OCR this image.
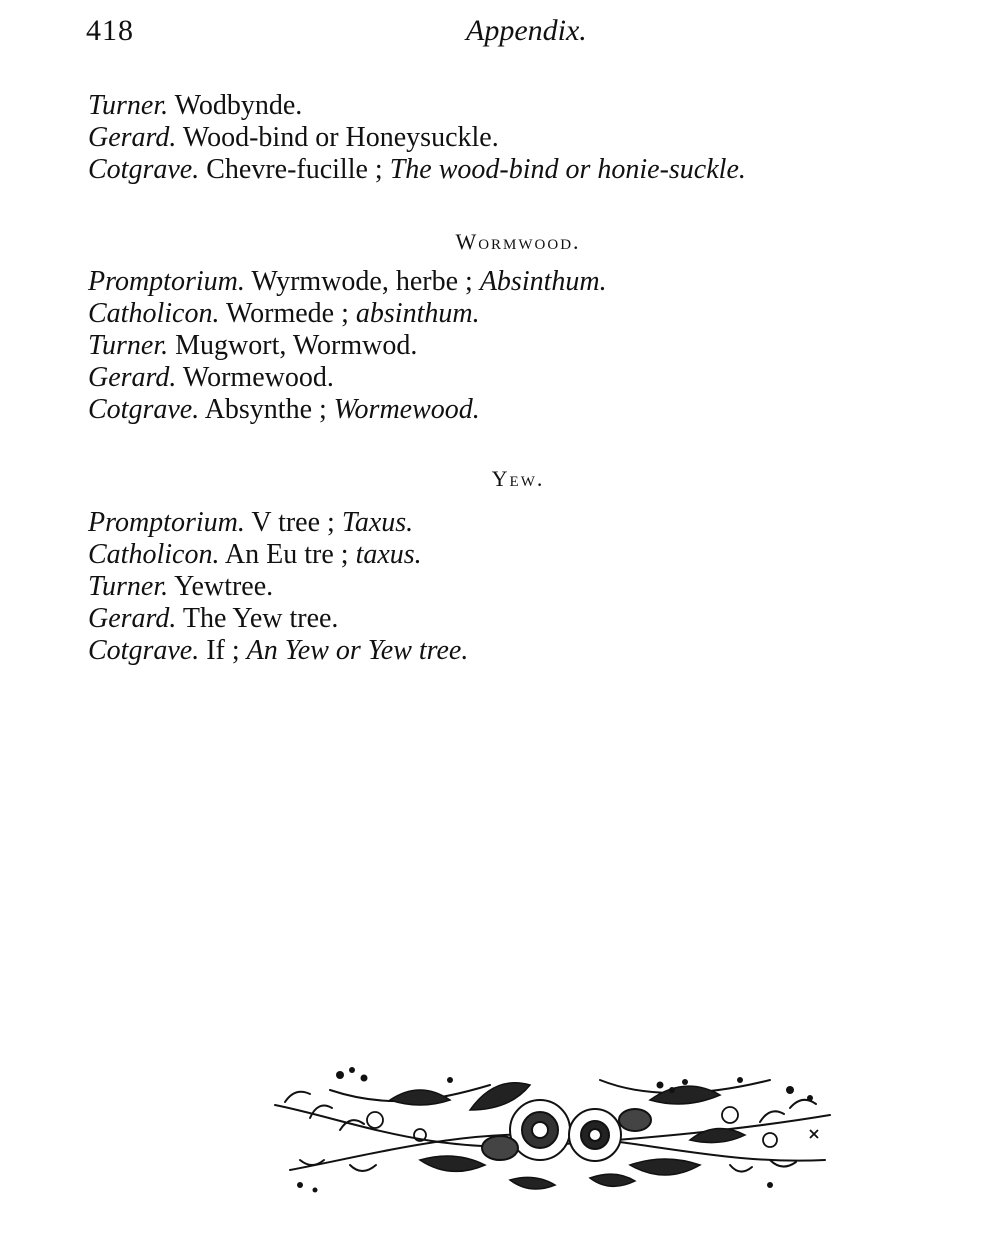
418	Appendix.
Turner. Wodbynde.
Gerard. Wood-bind or Honeysuckle.
Cotgrave. Chevre-fucille ; The wood-bind or honie-suckle.
Wormwood.
Promptorium. Wyrmwode, herbe ; Absinthum.
Catholicon. Wormede ; absinthum.
Turner. Mugwort, Wormwod.
Gerard. Wormewood.
Cotgrave. Absynthe ; Wormewood.
Yew.
Promptorium. V tree ; Taxus.
Catholicon. An Eu tre ; taxus.
Turner. Yewtree.
Gerard. The Yew tree.
Cotgrave. If ; An Yew or Yew tree.
